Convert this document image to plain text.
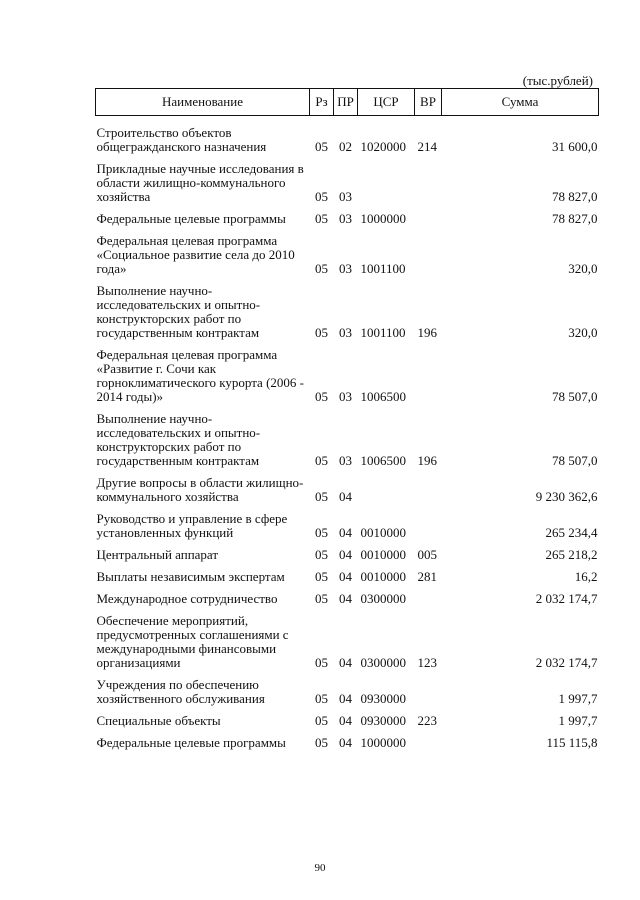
(тыс.рублей)
Наименование	Рз	ПР	ЦСР	ВР	Сумма
Строительство объектов общегражданского назначения	05	02	1020000	214	31 600,0
Прикладные научные исследования в области жилищно-коммунального хозяйства	05	03			78 827,0
Федеральные целевые программы	05	03	1000000		78 827,0
Федеральная целевая программа «Социальное развитие села до 2010 года»	05	03	1001100		320,0
Выполнение научно-исследовательских и опытно-конструкторских работ по государственным контрактам	05	03	1001100	196	320,0
Федеральная целевая программа «Развитие г. Сочи как горноклиматического курорта (2006 - 2014 годы)»	05	03	1006500		78 507,0
Выполнение научно-исследовательских и опытно-конструкторских работ по государственным контрактам	05	03	1006500	196	78 507,0
Другие вопросы в области жилищно-коммунального хозяйства	05	04			9 230 362,6
Руководство и управление в сфере установленных функций	05	04	0010000		265 234,4
Центральный аппарат	05	04	0010000	005	265 218,2
Выплаты независимым экспертам	05	04	0010000	281	16,2
Международное сотрудничество	05	04	0300000		2 032 174,7
Обеспечение мероприятий, предусмотренных соглашениями с международными финансовыми организациями	05	04	0300000	123	2 032 174,7
Учреждения по обеспечению хозяйственного обслуживания	05	04	0930000		1 997,7
Специальные объекты	05	04	0930000	223	1 997,7
Федеральные целевые программы	05	04	1000000		115 115,8
90
